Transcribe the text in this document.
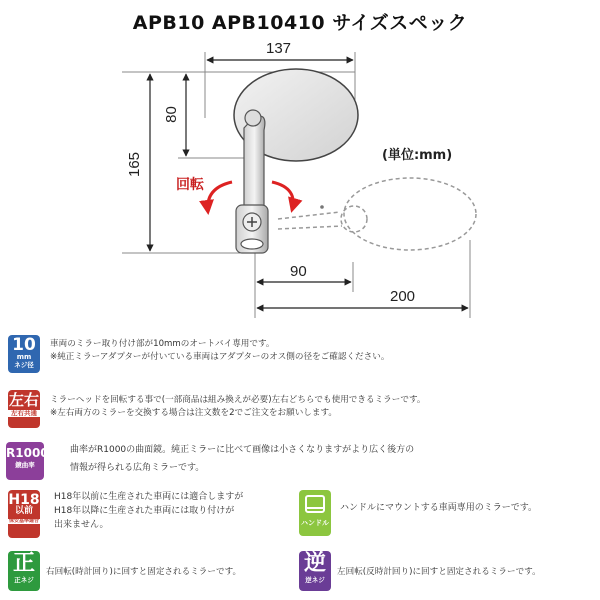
APB10 APB10410 サイズスペック
137
80
165
90
200
(単位:mm)
回転
10
mm
ネジ径
車両のミラー取り付け部が10mmのオートバイ専用です。
※純正ミラーアダプターが付いている車両はアダプターのオス側の径をご確認ください。
左右
左右共通
ミラーヘッドを回転する事で(一部商品は組み換えが必要)左右どちらでも使用できるミラーです。
※左右両方のミラーを交換する場合は注文数を2でご注文をお願いします。
R1000
鏡曲率
曲率がR1000の曲面鏡。純正ミラーに比べて画像は小さくなりますがより広く後方の
情報が得られる広角ミラーです。
H18
以前
保安基準適合
H18年以前に生産された車両には適合しますが
H18年以降に生産された車両には取り付けが
出来ません。	ハンドル
ハンドルにマウントする車両専用のミラーです。
正
正ネジ
右回転(時計回り)に回すと固定されるミラーです。	逆
逆ネジ
左回転(反時計回り)に回すと固定されるミラーです。
